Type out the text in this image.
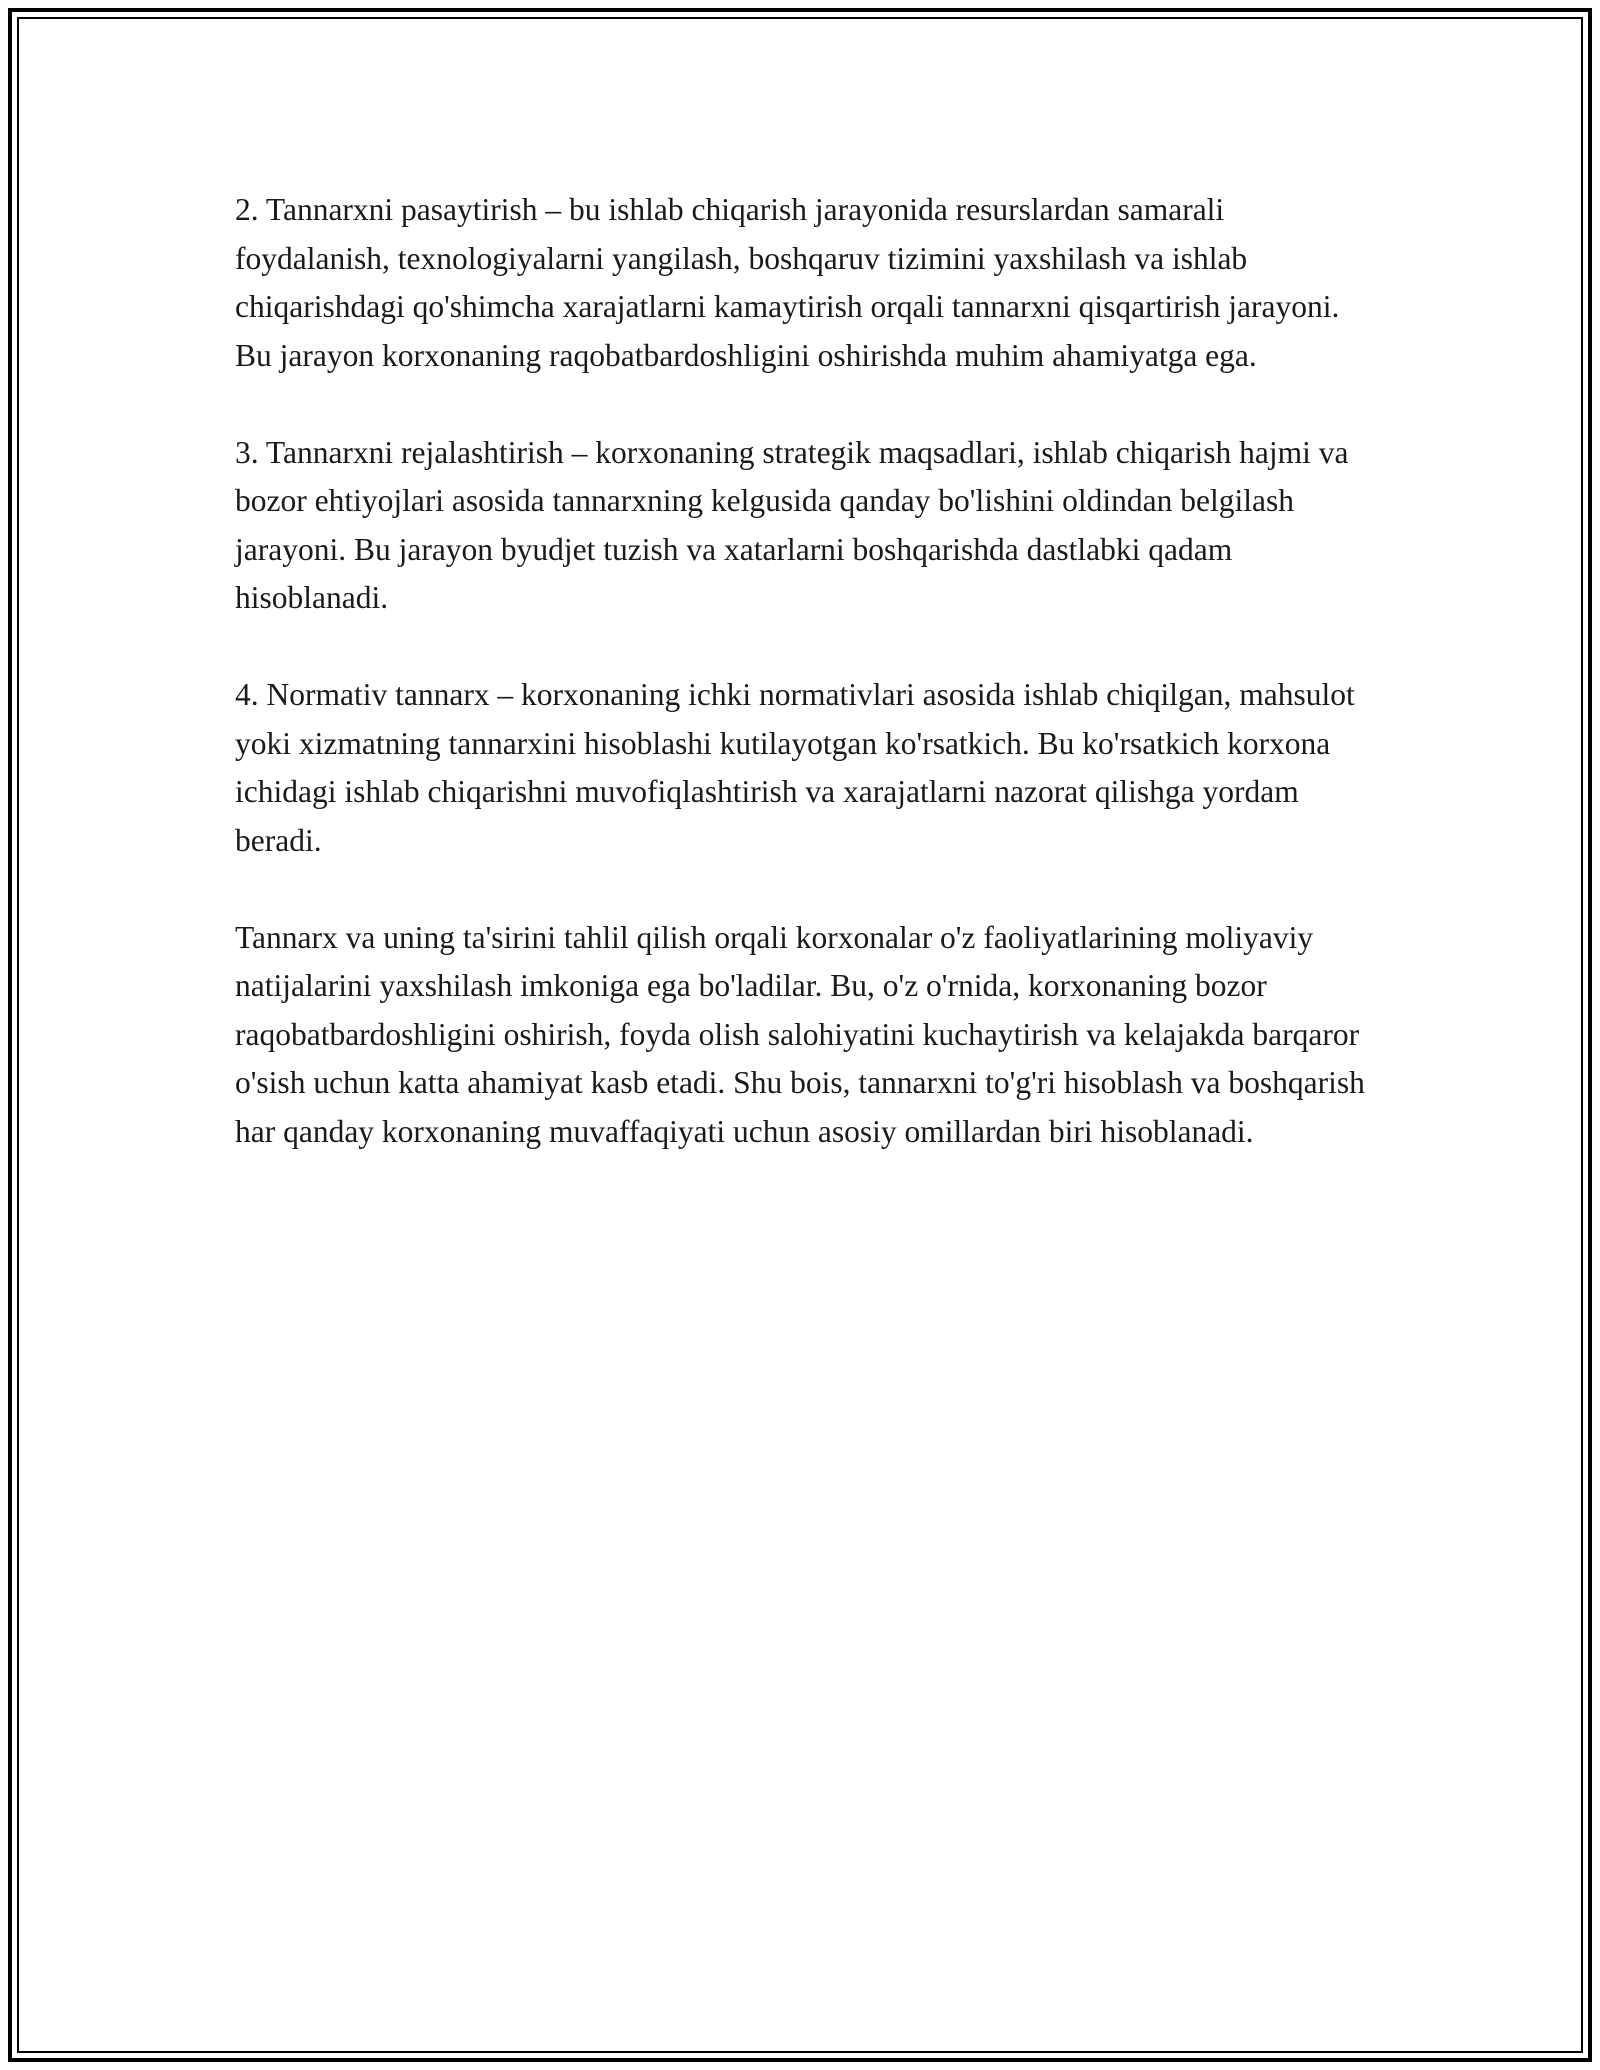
2. Tannarxni pasaytirish – bu ishlab chiqarish jarayonida resurslardan samarali foydalanish, texnologiyalarni yangilash, boshqaruv tizimini yaxshilash va ishlab chiqarishdagi qo'shimcha xarajatlarni kamaytirish orqali tannarxni qisqartirish jarayoni. Bu jarayon korxonaning raqobatbardoshligini oshirishda muhim ahamiyatga ega.

3. Tannarxni rejalashtirish – korxonaning strategik maqsadlari, ishlab chiqarish hajmi va bozor ehtiyojlari asosida tannarxning kelgusida qanday bo'lishini oldindan belgilash jarayoni. Bu jarayon byudjet tuzish va xatarlarni boshqarishda dastlabki qadam hisoblanadi.

4. Normativ tannarx – korxonaning ichki normativlari asosida ishlab chiqilgan, mahsulot yoki xizmatning tannarxini hisoblashi kutilayotgan ko'rsatkich. Bu ko'rsatkich korxona ichidagi ishlab chiqarishni muvofiqlashtirish va xarajatlarni nazorat qilishga yordam beradi.

Tannarx va uning ta'sirini tahlil qilish orqali korxonalar o'z faoliyatlarining moliyaviy natijalarini yaxshilash imkoniga ega bo'ladilar. Bu, o'z o'rnida, korxonaning bozor raqobatbardoshligini oshirish, foyda olish salohiyatini kuchaytirish va kelajakda barqaror o'sish uchun katta ahamiyat kasb etadi. Shu bois, tannarxni to'g'ri hisoblash va boshqarish har qanday korxonaning muvaffaqiyati uchun asosiy omillardan biri hisoblanadi.
